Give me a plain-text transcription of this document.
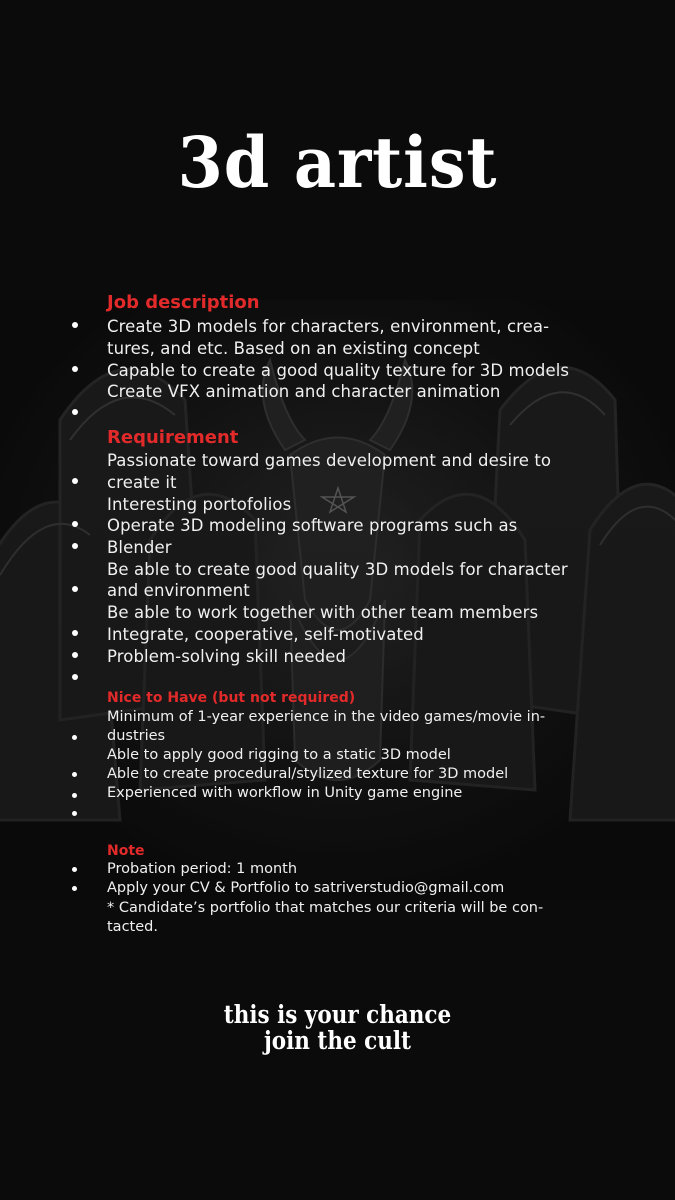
3d artist
Job description
Create 3D models for characters, environment, crea-
tures, and etc. Based on an existing concept
Capable to create a good quality texture for 3D models
Create VFX animation and character animation
Requirement
Passionate toward games development and desire to
create it
Interesting portofolios
Operate 3D modeling software programs such as
Blender
Be able to create good quality 3D models for character
and environment
Be able to work together with other team members
Integrate, cooperative, self-motivated
Problem-solving skill needed
Nice to Have (but not required)
Minimum of 1-year experience in the video games/movie in-
dustries
Able to apply good rigging to a static 3D model
Able to create procedural/stylized texture for 3D model
Experienced with workflow in Unity game engine
Note
Probation period: 1 month
Apply your CV & Portfolio to satriverstudio@gmail.com
* Candidate’s portfolio that matches our criteria will be con-
tacted.
this is your chance
join the cult
